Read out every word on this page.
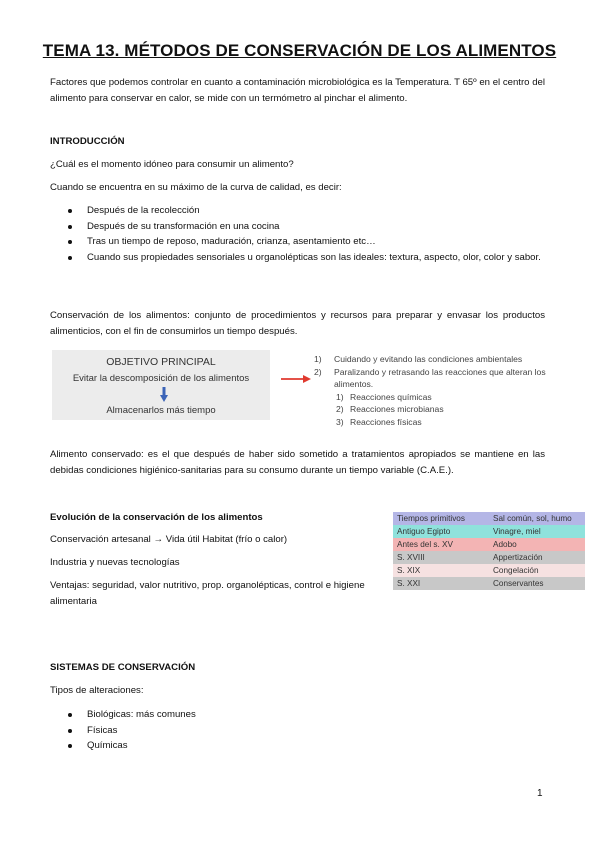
TEMA 13. MÉTODOS DE CONSERVACIÓN DE LOS ALIMENTOS
Factores que podemos controlar en cuanto a contaminación microbiológica es la Temperatura. T 65º en el centro del alimento para conservar en calor, se mide con un termómetro al pinchar el alimento.
INTRODUCCIÓN
¿Cuál es el momento idóneo para consumir un alimento?
Cuando se encuentra en su máximo de la curva de calidad, es decir:
Después de la recolección
Después de su transformación en una cocina
Tras un tiempo de reposo, maduración, crianza, asentamiento etc…
Cuando sus propiedades sensoriales u organolépticas son las ideales: textura, aspecto, olor, color y sabor.
Conservación de los alimentos: conjunto de procedimientos y recursos para preparar y envasar los productos alimenticios, con el fin de consumirlos un tiempo después.
OBJETIVO PRINCIPAL
Evitar la descomposición de los alimentos
Almacenarlos más tiempo
1) Cuidando y evitando las condiciones ambientales
2) Paralizando y retrasando las reacciones que alteran los alimentos.
1) Reacciones químicas
2) Reacciones microbianas
3) Reacciones físicas
Alimento conservado: es el que después de haber sido sometido a tratamientos apropiados se mantiene en las debidas condiciones higiénico-sanitarias para su consumo durante un tiempo variable (C.A.E.).
Evolución de la conservación de los alimentos
Conservación artesanal → Vida útil Habitat (frío o calor)
Industria y nuevas tecnologías
Ventajas: seguridad, valor nutritivo, prop. organolépticas, control e higiene alimentaria
Tiempos primitivos	Sal común, sol, humo
Antiguo Egipto	Vinagre, miel
Antes del s. XV	Adobo
S. XVIII	Appertización
S. XIX	Congelación
S. XXI	Conservantes
SISTEMAS DE CONSERVACIÓN
Tipos de alteraciones:
Biológicas: más comunes
Físicas
Químicas
1
